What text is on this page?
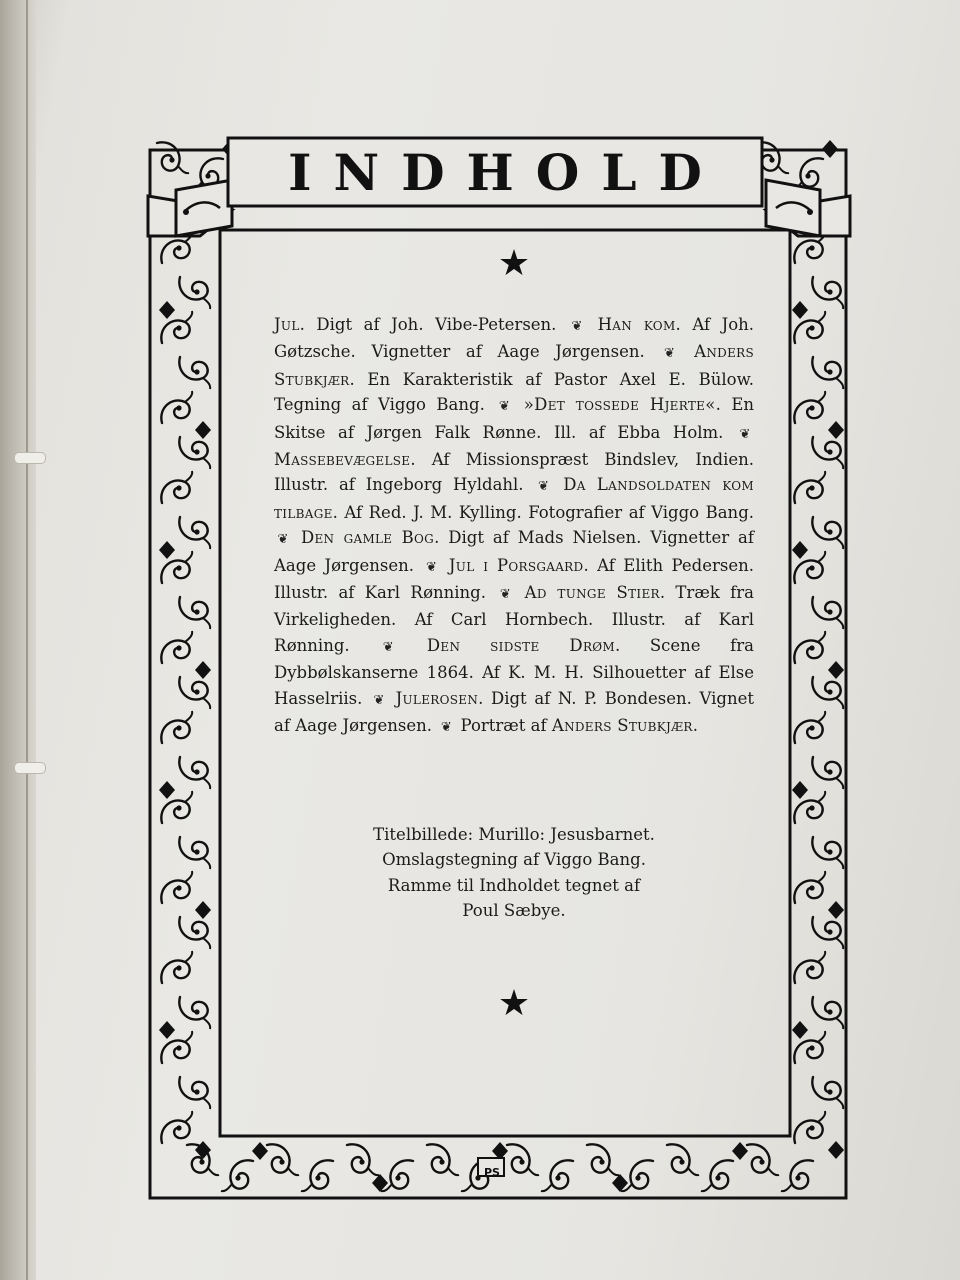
INDHOLD
★

Jul. Digt af Joh. Vibe-Petersen. ❦ Han kom. Af Joh. Gøtzsche. Vignetter af Aage Jørgensen. ❦ Anders Stubkjær. En Karakteristik af Pastor Axel E. Bülow. Tegning af Viggo Bang. ❦ »Det tossede Hjerte«. En Skitse af Jørgen Falk Rønne. Ill. af Ebba Holm. ❦ Massebevægelse. Af Missionspræst Bindslev, Indien. Illustr. af Ingeborg Hyldahl. ❦ Da Landsoldaten kom tilbage. Af Red. J. M. Kylling. Fotografier af Viggo Bang. ❦ Den gamle Bog. Digt af Mads Nielsen. Vignetter af Aage Jørgensen. ❦ Jul i Porsgaard. Af Elith Pedersen. Illustr. af Karl Rønning. ❦ Ad tunge Stier. Træk fra Virkeligheden. Af Carl Hornbech. Illustr. af Karl Rønning.	❦ Den sidste Drøm. Scene fra Dybbølskanserne 1864. Af K. M. H. Silhouetter af Else Hasselriis. ❦ Julerosen. Digt af N. P. Bondesen. Vignet af Aage Jørgensen. ❦ Portræt af Anders Stubkjær.

Titelbillede: Murillo: Jesusbarnet.
Omslagstegning af Viggo Bang.
Ramme til Indholdet tegnet af
Poul Sæbye.
★
PS
